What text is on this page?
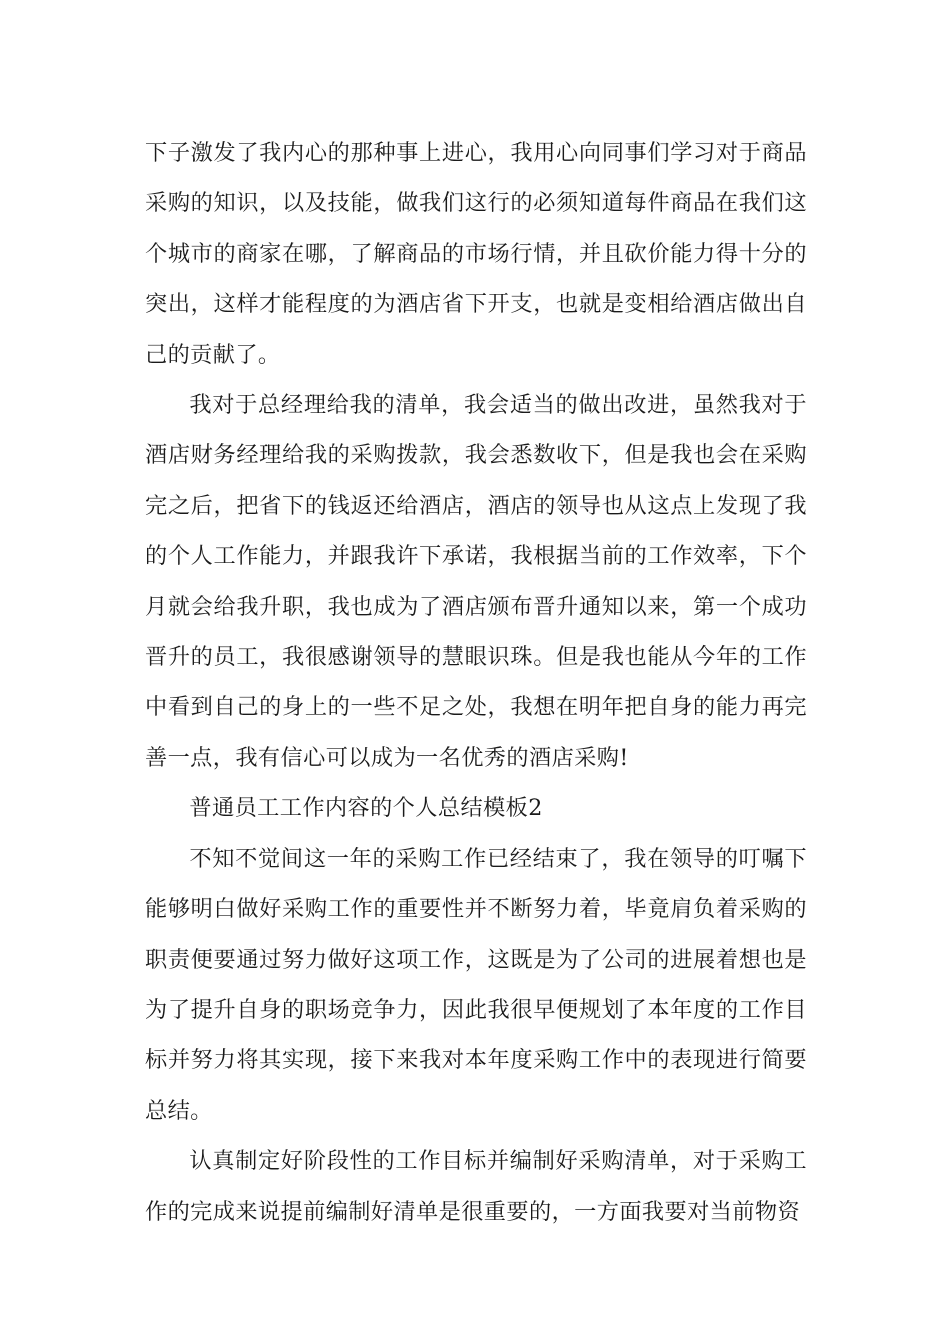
下子激发了我内心的那种事上进心，我用心向同事们学习对于商品采购的知识，以及技能，做我们这行的必须知道每件商品在我们这个城市的商家在哪，了解商品的市场行情，并且砍价能力得十分的突出，这样才能程度的为酒店省下开支，也就是变相给酒店做出自己的贡献了。

我对于总经理给我的清单，我会适当的做出改进，虽然我对于酒店财务经理给我的采购拨款，我会悉数收下，但是我也会在采购完之后，把省下的钱返还给酒店，酒店的领导也从这点上发现了我的个人工作能力，并跟我许下承诺，我根据当前的工作效率，下个月就会给我升职，我也成为了酒店颁布晋升通知以来，第一个成功晋升的员工，我很感谢领导的慧眼识珠。但是我也能从今年的工作中看到自己的身上的一些不足之处，我想在明年把自身的能力再完善一点，我有信心可以成为一名优秀的酒店采购!

普通员工工作内容的个人总结模板2

不知不觉间这一年的采购工作已经结束了，我在领导的叮嘱下能够明白做好采购工作的重要性并不断努力着，毕竟肩负着采购的职责便要通过努力做好这项工作，这既是为了公司的进展着想也是为了提升自身的职场竞争力，因此我很早便规划了本年度的工作目标并努力将其实现，接下来我对本年度采购工作中的表现进行简要总结。

认真制定好阶段性的工作目标并编制好采购清单，对于采购工作的完成来说提前编制好清单是很重要的，一方面我要对当前物资
